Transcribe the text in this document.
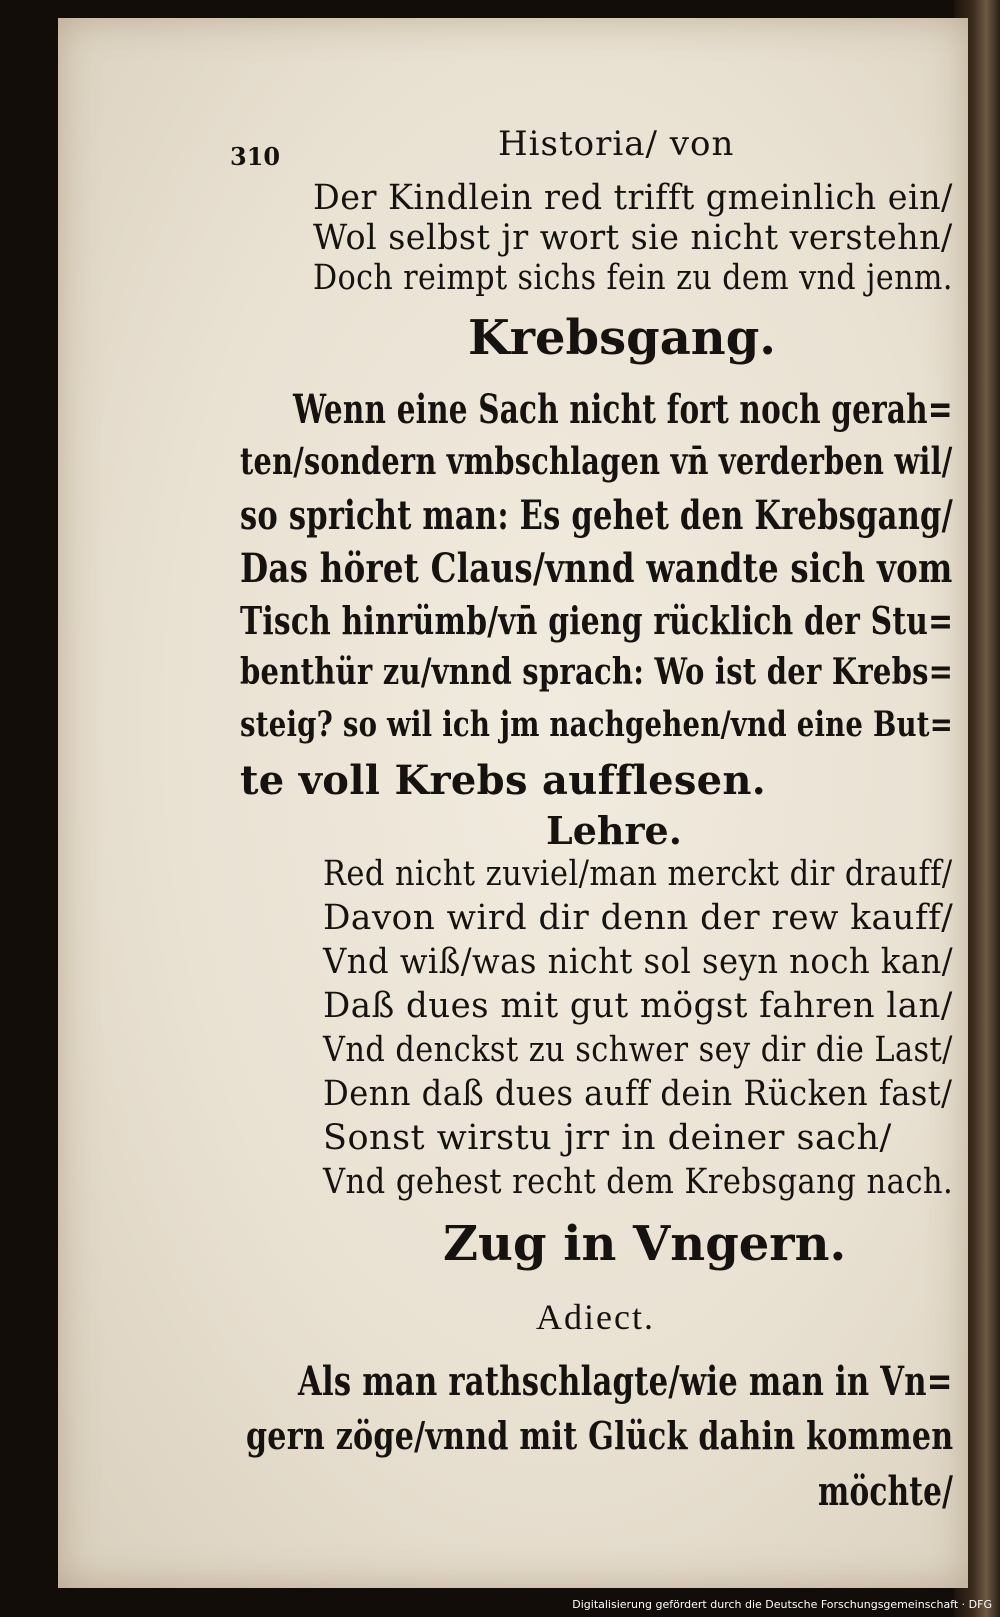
310	Historia/ von
Der Kindlein red trifft gmeinlich ein/
Wol selbst jr wort sie nicht verstehn/
Doch reimpt sichs fein zu dem vnd jenm.
Krebsgang.
Wenn eine Sach nicht fort noch gerah=
ten/sondern vmbschlagen vn̄ verderben wil/
so spricht man: Es gehet den Krebsgang/
Das höret Claus/vnnd wandte sich vom
Tisch hinrümb/vn̄ gieng rücklich der Stu=
benthür zu/vnnd sprach: Wo ist der Krebs=
steig? so wil ich jm nachgehen/vnd eine But=
te voll Krebs aufflesen.
Lehre.
Red nicht zuviel/man merckt dir drauff/
Davon wird dir denn der rew kauff/
Vnd wiß/was nicht sol seyn noch kan/
Daß dues mit gut mögst fahren lan/
Vnd denckst zu schwer sey dir die Last/
Denn daß dues auff dein Rücken fast/
Sonst wirstu jrr in deiner sach/
Vnd gehest recht dem Krebsgang nach.
Zug in Vngern.
Adiect.
Als man rathschlagte/wie man in Vn=
gern zöge/vnnd mit Glück dahin kommen
möchte/
Digitalisierung gefördert durch die Deutsche Forschungsgemeinschaft · DFG
